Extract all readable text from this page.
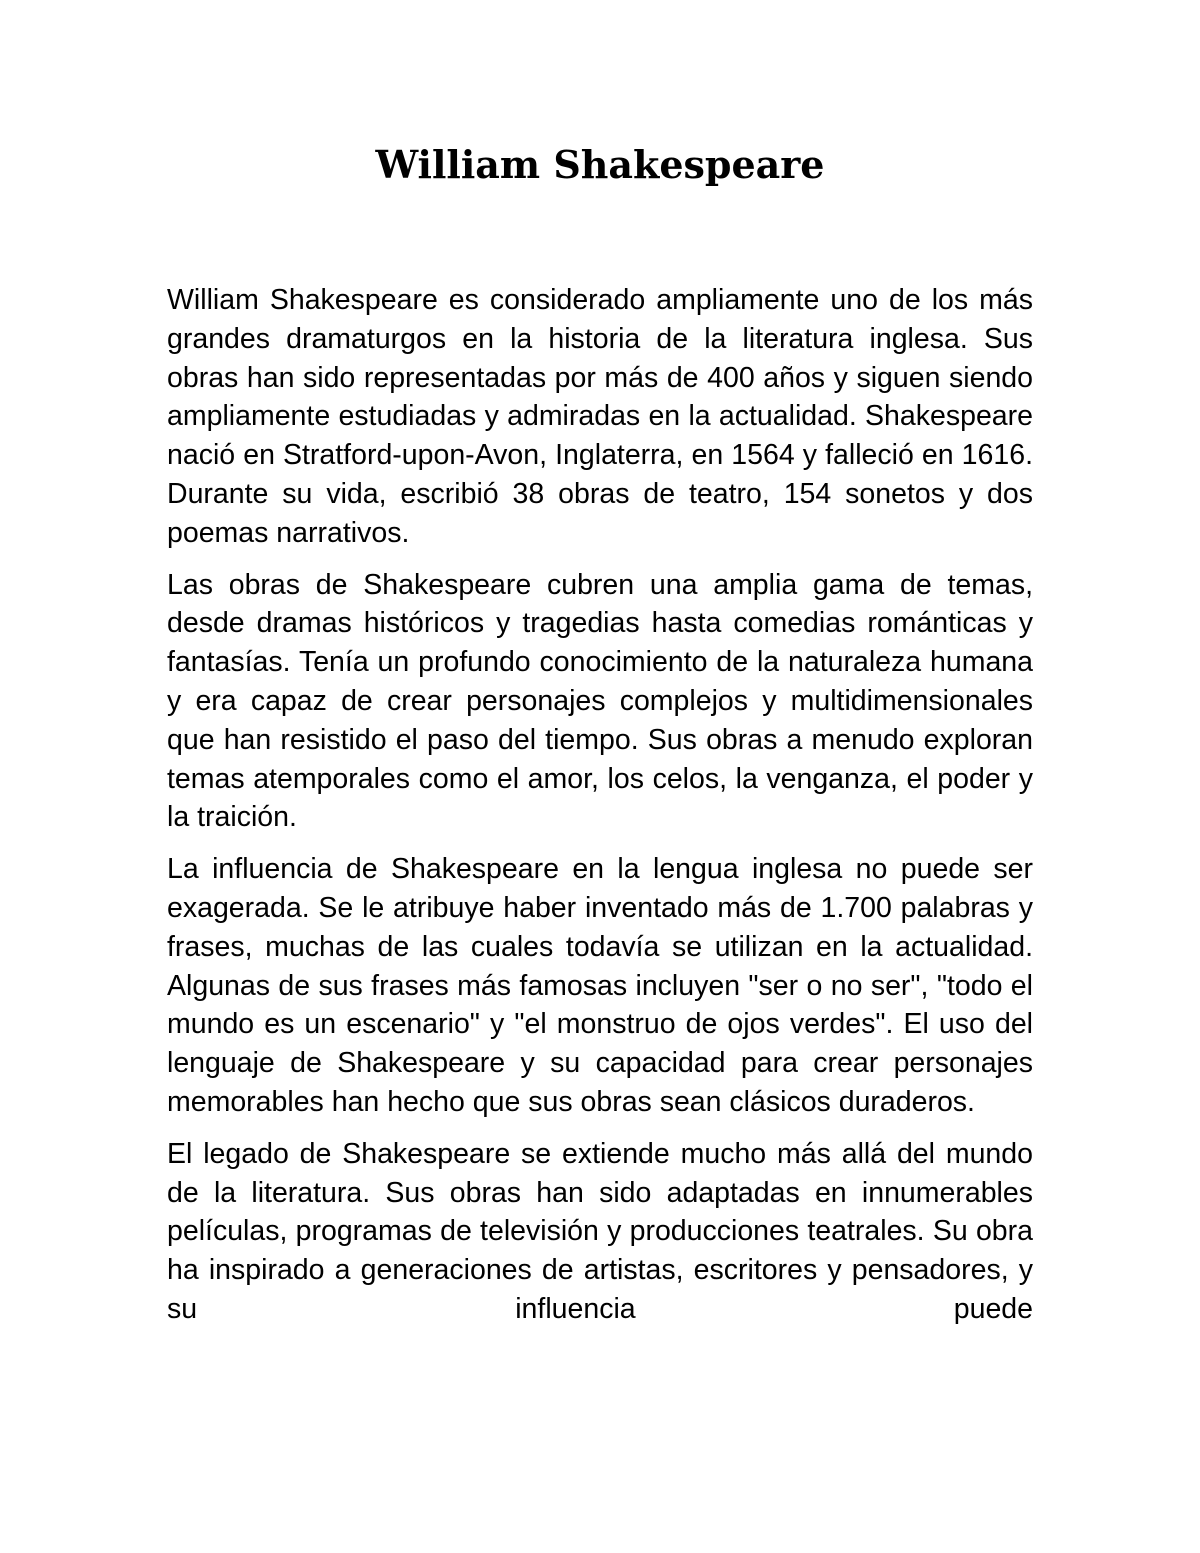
William Shakespeare

William Shakespeare es considerado ampliamente uno de los más grandes dramaturgos en la historia de la literatura inglesa. Sus obras han sido representadas por más de 400 años y siguen siendo ampliamente estudiadas y admiradas en la actualidad. Shakespeare nació en Stratford-upon-Avon, Inglaterra, en 1564 y falleció en 1616. Durante su vida, escribió 38 obras de teatro, 154 sonetos y dos poemas narrativos.

Las obras de Shakespeare cubren una amplia gama de temas, desde dramas históricos y tragedias hasta comedias románticas y fantasías. Tenía un profundo conocimiento de la naturaleza humana y era capaz de crear personajes complejos y multidimensionales que han resistido el paso del tiempo. Sus obras a menudo exploran temas atemporales como el amor, los celos, la venganza, el poder y la traición.

La influencia de Shakespeare en la lengua inglesa no puede ser exagerada. Se le atribuye haber inventado más de 1.700 palabras y frases, muchas de las cuales todavía se utilizan en la actualidad. Algunas de sus frases más famosas incluyen "ser o no ser", "todo el mundo es un escenario" y "el monstruo de ojos verdes". El uso del lenguaje de Shakespeare y su capacidad para crear personajes memorables han hecho que sus obras sean clásicos duraderos.

El legado de Shakespeare se extiende mucho más allá del mundo de la literatura. Sus obras han sido adaptadas en innumerables películas, programas de televisión y producciones teatrales. Su obra ha inspirado a generaciones de artistas, escritores y pensadores, y su influencia puede
